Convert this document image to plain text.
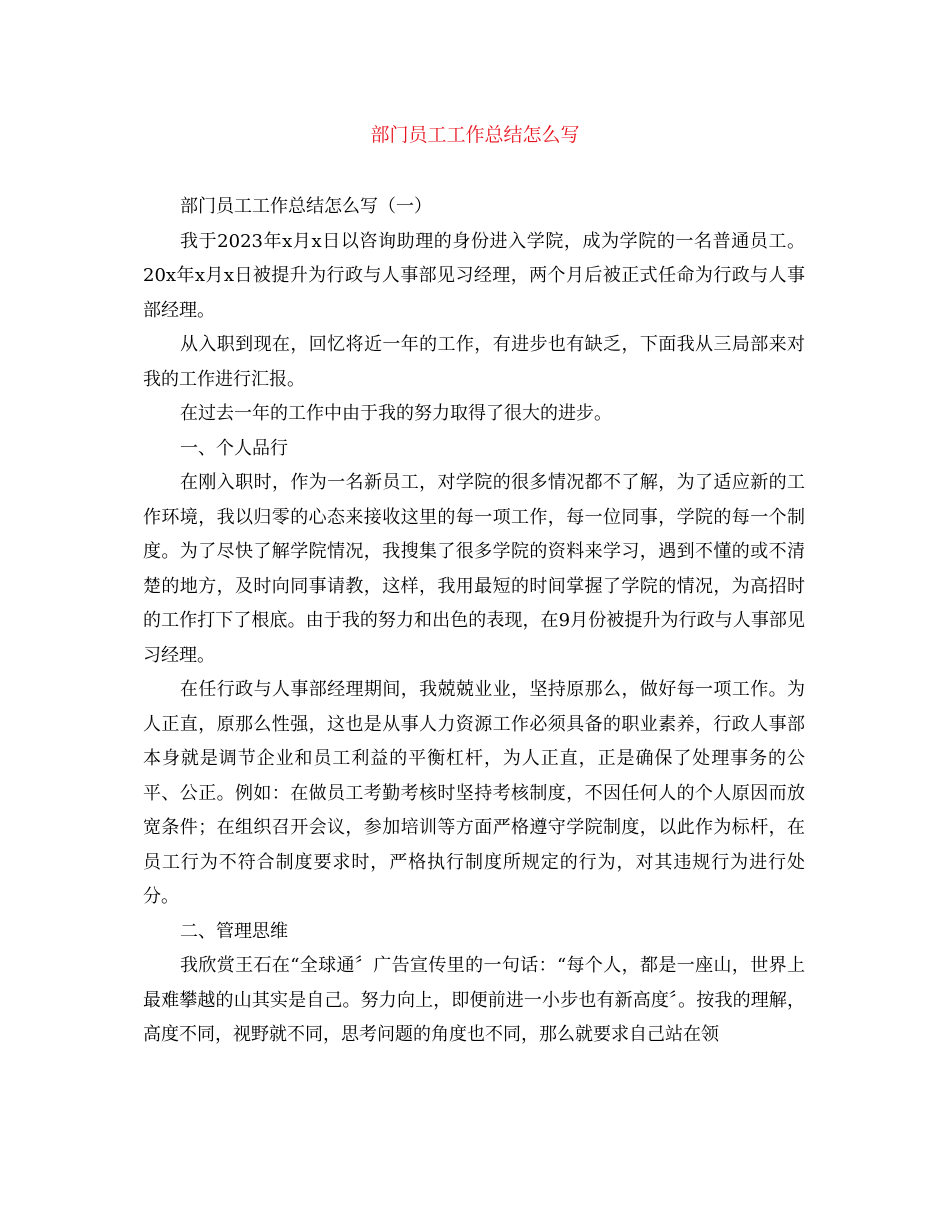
部门员工工作总结怎么写

部门员工工作总结怎么写（一）

我于2023年x月x日以咨询助理的身份进入学院，成为学院的一名普通员工。20x年x月x日被提升为行政与人事部见习经理，两个月后被正式任命为行政与人事部经理。

从入职到现在，回忆将近一年的工作，有进步也有缺乏，下面我从三局部来对我的工作进行汇报。

在过去一年的工作中由于我的努力取得了很大的进步。

一、个人品行

在刚入职时，作为一名新员工，对学院的很多情况都不了解，为了适应新的工作环境，我以归零的心态来接收这里的每一项工作，每一位同事，学院的每一个制度。为了尽快了解学院情况，我搜集了很多学院的资料来学习，遇到不懂的或不清楚的地方，及时向同事请教，这样，我用最短的时间掌握了学院的情况，为高招时的工作打下了根底。由于我的努力和出色的表现，在9月份被提升为行政与人事部见习经理。

在任行政与人事部经理期间，我兢兢业业，坚持原那么，做好每一项工作。为人正直，原那么性强，这也是从事人力资源工作必须具备的职业素养，行政人事部本身就是调节企业和员工利益的平衡杠杆，为人正直，正是确保了处理事务的公平、公正。例如：在做员工考勤考核时坚持考核制度，不因任何人的个人原因而放宽条件；在组织召开会议，参加培训等方面严格遵守学院制度，以此作为标杆，在员工行为不符合制度要求时，严格执行制度所规定的行为，对其违规行为进行处分。

二、管理思维

我欣赏王石在“全球通〞广告宣传里的一句话：“每个人，都是一座山，世界上最难攀越的山其实是自己。努力向上，即便前进一小步也有新高度〞。按我的理解，高度不同，视野就不同，思考问题的角度也不同，那么就要求自己站在领
